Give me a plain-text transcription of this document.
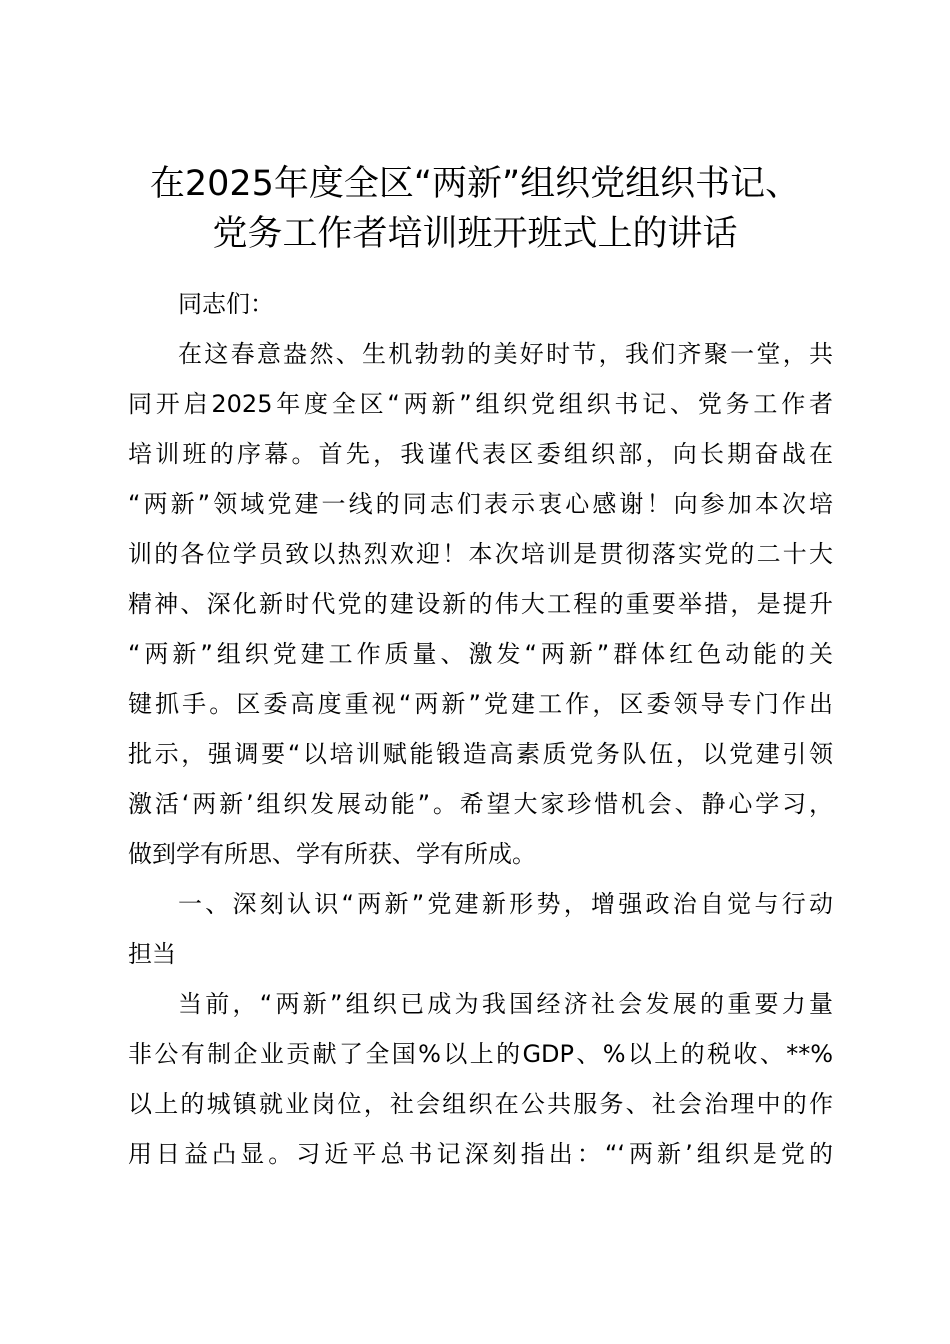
在2025年度全区“两新”组织党组织书记、
党务工作者培训班开班式上的讲话
同志们：
在这春意盎然、生机勃勃的美好时节，我们齐聚一堂，共
同开启2025年度全区“两新”组织党组织书记、党务工作者
培训班的序幕。首先，我谨代表区委组织部，向长期奋战在
“两新”领域党建一线的同志们表示衷心感谢！向参加本次培
训的各位学员致以热烈欢迎！本次培训是贯彻落实党的二十大
精神、深化新时代党的建设新的伟大工程的重要举措，是提升
“两新”组织党建工作质量、激发“两新”群体红色动能的关
键抓手。区委高度重视“两新”党建工作，区委领导专门作出
批示，强调要“以培训赋能锻造高素质党务队伍，以党建引领
激活‘两新’组织发展动能”。希望大家珍惜机会、静心学习，
做到学有所思、学有所获、学有所成。
一、深刻认识“两新”党建新形势，增强政治自觉与行动
担当
当前，“两新”组织已成为我国经济社会发展的重要力量
非公有制企业贡献了全国%以上的GDP、%以上的税收、**%
以上的城镇就业岗位，社会组织在公共服务、社会治理中的作
用日益凸显。习近平总书记深刻指出：“‘两新’组织是党的
